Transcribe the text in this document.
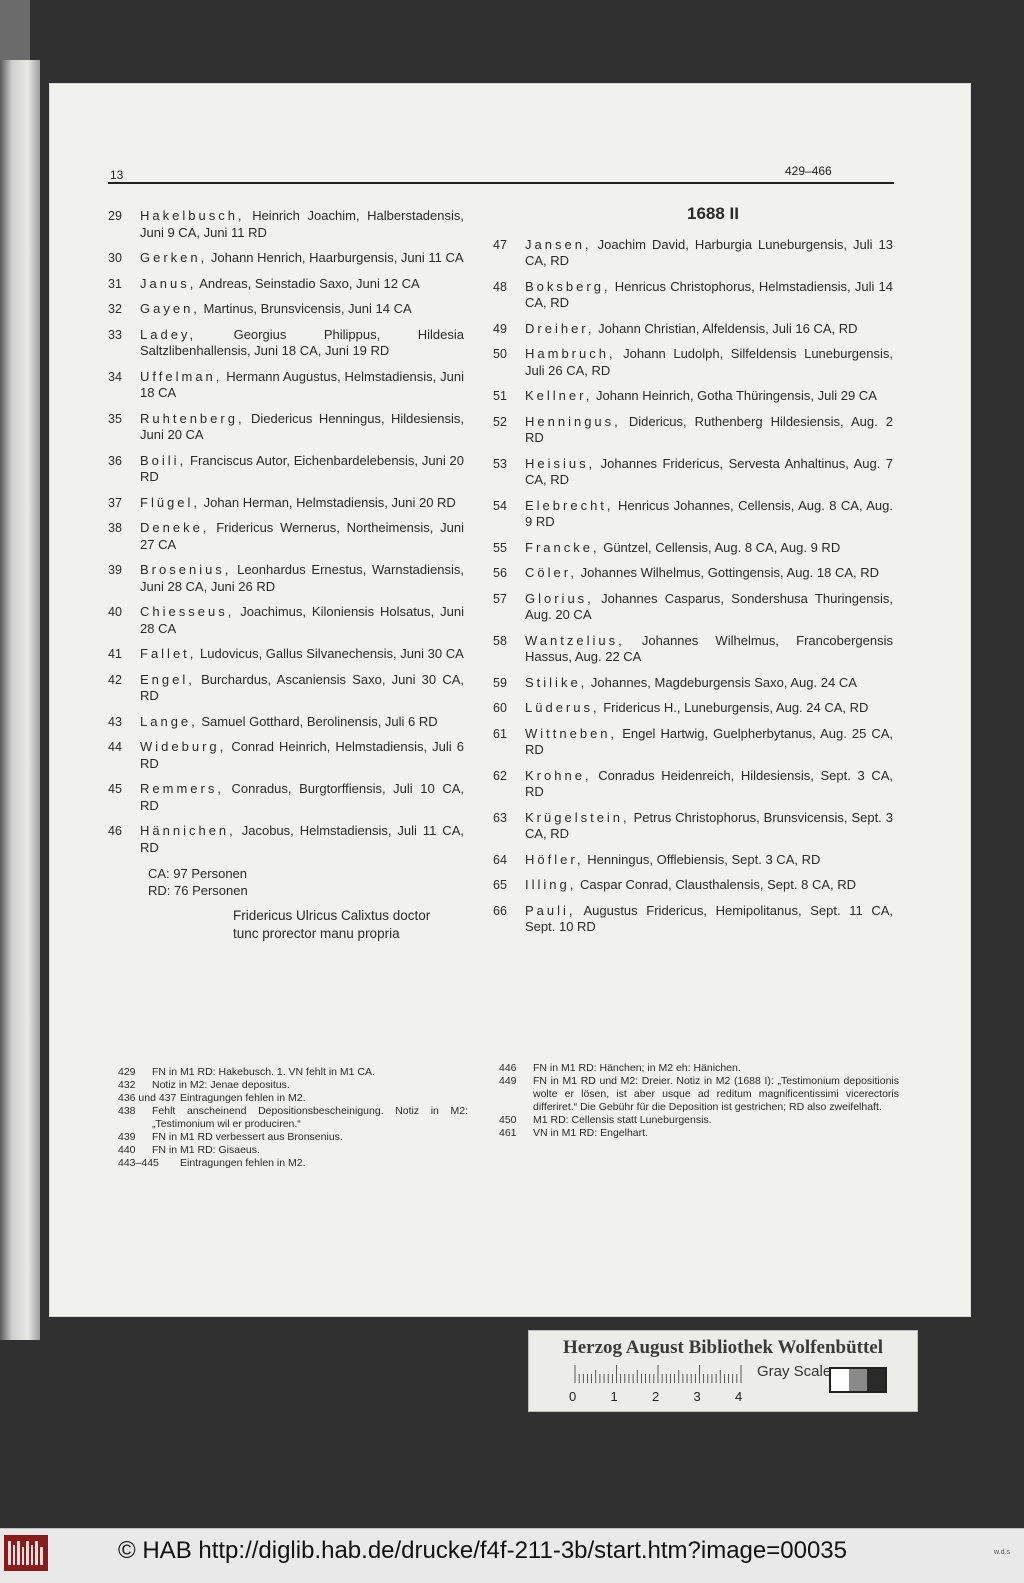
13	429–466
29	Hakelbusch, Heinrich Joachim, Halberstadensis, Juni 9 CA, Juni 11 RD
30	Gerken, Johann Henrich, Haarburgensis, Juni 11 CA
31	Janus, Andreas, Seinstadio Saxo, Juni 12 CA
32	Gayen, Martinus, Brunsvicensis, Juni 14 CA
33	Ladey,	Georgius Philippus, Hildesia Saltzlibenhallensis, Juni 18 CA, Juni 19 RD
34	Uffelman, Hermann Augustus, Helmstadiensis, Juni 18 CA
35	Ruhtenberg, Diedericus Henningus, Hildesiensis, Juni 20 CA
36	Boili, Franciscus Autor, Eichenbardelebensis, Juni 20 RD
37	Flügel, Johan Herman, Helmstadiensis, Juni 20 RD
38	Deneke, Fridericus Wernerus, Northeimensis, Juni 27 CA
39	Brosenius, Leonhardus Ernestus, Warnstadiensis, Juni 28 CA, Juni 26 RD
40	Chiesseus, Joachimus, Kiloniensis Holsatus, Juni 28 CA
41	Fallet, Ludovicus, Gallus Silvanechensis, Juni 30 CA
42	Engel, Burchardus, Ascaniensis Saxo, Juni 30 CA, RD
43	Lange, Samuel Gotthard, Berolinensis, Juli 6 RD
44	Wideburg, Conrad Heinrich, Helmstadiensis, Juli 6 RD
45	Remmers, Conradus, Burgtorffiensis, Juli 10 CA, RD
46	Hännichen, Jacobus, Helmstadiensis, Juli 11 CA, RD
CA: 97 Personen
RD: 76 Personen
Fridericus Ulricus Calixtus doctor
tunc prorector manu propria
1688 II
47	Jansen, Joachim David, Harburgia Luneburgensis, Juli 13 CA, RD
48	Boksberg, Henricus Christophorus, Helmstadiensis, Juli 14 CA, RD
49	Dreiher, Johann Christian, Alfeldensis, Juli 16 CA, RD
50	Hambruch, Johann Ludolph, Silfeldensis Luneburgensis, Juli 26 CA, RD
51	Kellner, Johann Heinrich, Gotha Thüringensis, Juli 29 CA
52	Henningus, Didericus, Ruthenberg Hildesiensis, Aug. 2 RD
53	Heisius, Johannes Fridericus, Servesta Anhaltinus, Aug. 7 CA, RD
54	Elebrecht, Henricus Johannes, Cellensis, Aug. 8 CA, Aug. 9 RD
55	Francke, Güntzel, Cellensis, Aug. 8 CA, Aug. 9 RD
56	Cöler, Johannes Wilhelmus, Gottingensis, Aug. 18 CA, RD
57	Glorius, Johannes Casparus, Sondershusa Thuringensis, Aug. 20 CA
58	Wantzelius, Johannes Wilhelmus, Francobergensis Hassus, Aug. 22 CA
59	Stilike, Johannes, Magdeburgensis Saxo, Aug. 24 CA
60	Lüderus, Fridericus H., Luneburgensis, Aug. 24 CA, RD
61	Wittneben, Engel Hartwig, Guelpherbytanus, Aug. 25 CA, RD
62	Krohne, Conradus Heidenreich, Hildesiensis, Sept. 3 CA, RD
63	Krügelstein, Petrus Christophorus, Brunsvicensis, Sept. 3 CA, RD
64	Höfler, Henningus, Offlebiensis, Sept. 3 CA, RD
65	Illing, Caspar Conrad, Clausthalensis, Sept. 8 CA, RD
66	Pauli, Augustus Fridericus, Hemipolitanus, Sept. 11 CA, Sept. 10 RD
429 FN in M1 RD: Hakebusch. 1. VN fehlt in M1 CA.
432 Notiz in M2: Jenae depositus.
436 und 437 Eintragungen fehlen in M2.
438 Fehlt anscheinend Depositionsbescheinigung. Notiz in M2: „Testimonium wil er produciren.“
439 FN in M1 RD verbessert aus Bronsenius.
440 FN in M1 RD: Gisaeus.
443–445 Eintragungen fehlen in M2.
446 FN in M1 RD: Hänchen; in M2 eh: Hänichen.
449 FN in M1 RD und M2: Dreier. Notiz in M2 (1688 I): „Testimonium depositionis wolte er lösen, ist aber usque ad reditum magnificentissimi vicerectoris differiret.“ Die Gebühr für die Deposition ist gestrichen; RD also zweifelhaft.
450 M1 RD: Cellensis statt Luneburgensis.
461 VN in M1 RD: Engelhart.
Herzog August Bibliothek Wolfenbüttel
0	1	2	3	4
Gray Scale
© HAB http://diglib.hab.de/drucke/f4f-211-3b/start.htm?image=00035	w.d.s
